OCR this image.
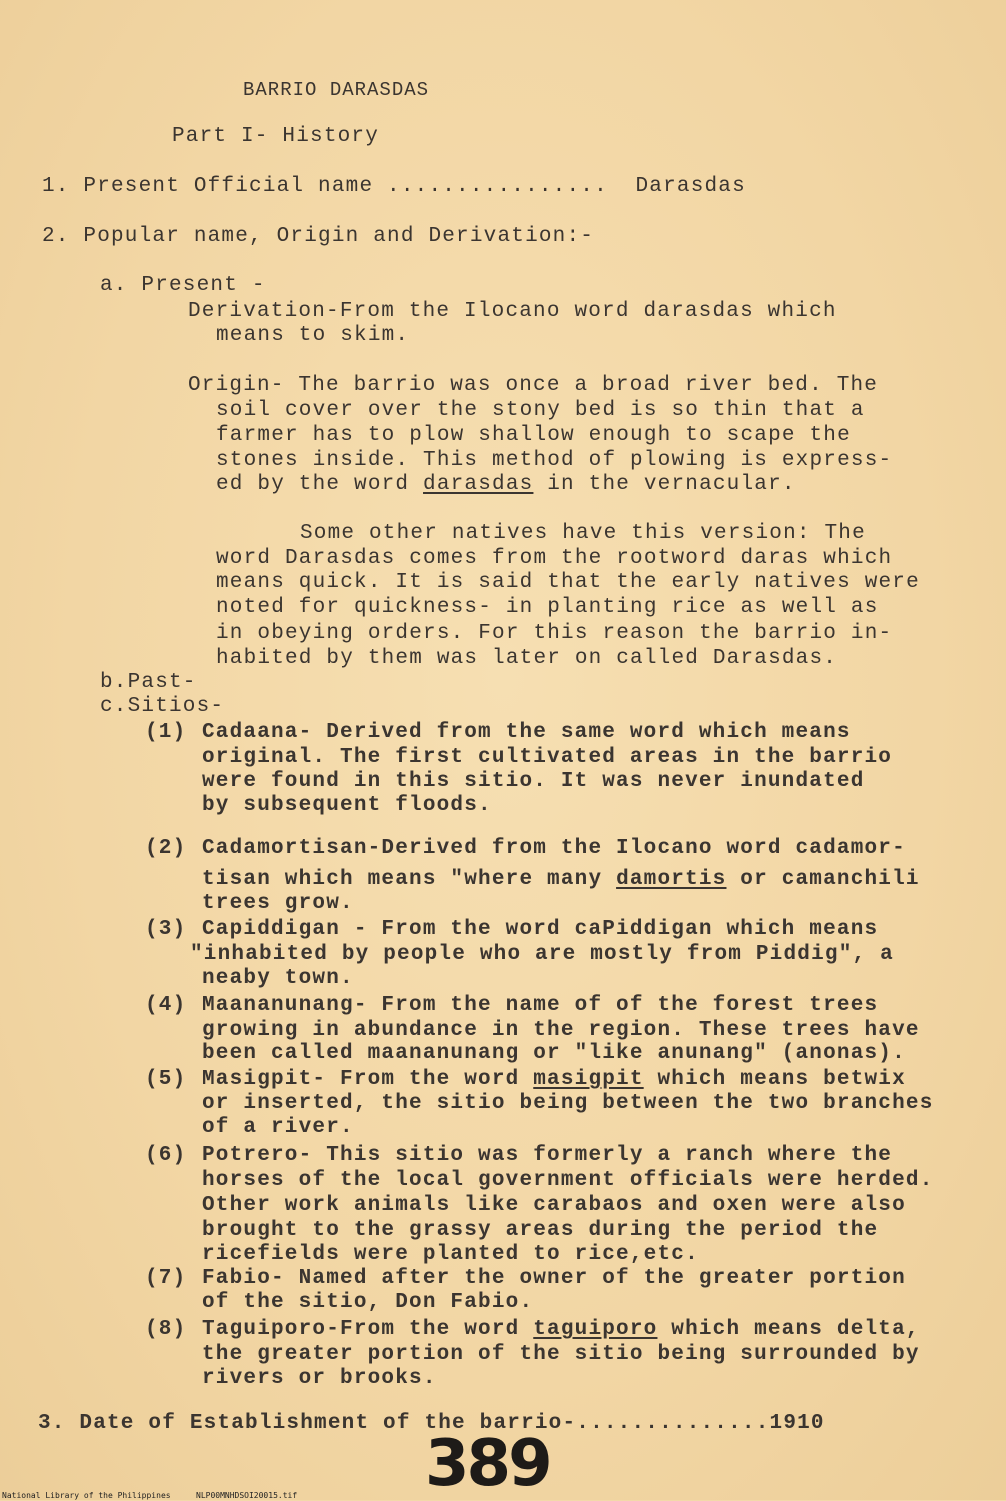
BARRIO DARASDAS
Part I- History
1. Present Official name ................ Darasdas
2. Popular name, Origin and Derivation:-
a. Present -
Derivation-From the Ilocano word darasdas which
means to skim.
Origin- The barrio was once a broad river bed. The
soil cover over the stony bed is so thin that a
farmer has to plow shallow enough to scape the
stones inside. This method of plowing is express-
ed by the word darasdas in the vernacular.
Some other natives have this version: The
word Darasdas comes from the rootword daras which
means quick. It is said that the early natives were
noted for quickness- in planting rice as well as
in obeying orders. For this reason the barrio in-
habited by them was later on called Darasdas.
b.Past-
c.Sitios-
(1) Cadaana- Derived from the same word which means
original. The first cultivated areas in the barrio
were found in this sitio. It was never inundated
by subsequent floods.
(2) Cadamortisan-Derived from the Ilocano word cadamor-
tisan which means "where many damortis or camanchili
trees grow.
(3) Capiddigan - From the word caPiddigan which means
"inhabited by people who are mostly from Piddig", a
neaby town.
(4) Maananunang- From the name of of the forest trees
growing in abundance in the region. These trees have
been called maananunang or "like anunang" (anonas).
(5) Masigpit- From the word masigpit which means betwix
or inserted, the sitio being between the two branches
of a river.
(6) Potrero- This sitio was formerly a ranch where the
horses of the local government officials were herded.
Other work animals like carabaos and oxen were also
brought to the grassy areas during the period the
ricefields were planted to rice,etc.
(7) Fabio- Named after the owner of the greater portion
of the sitio, Don Fabio.
(8) Taguiporo-From the word taguiporo which means delta,
the greater portion of the sitio being surrounded by
rivers or brooks.
3. Date of Establishment of the barrio-..............1910
389
National Library of the Philippines	NLP00MNHDSOI20015.tif
